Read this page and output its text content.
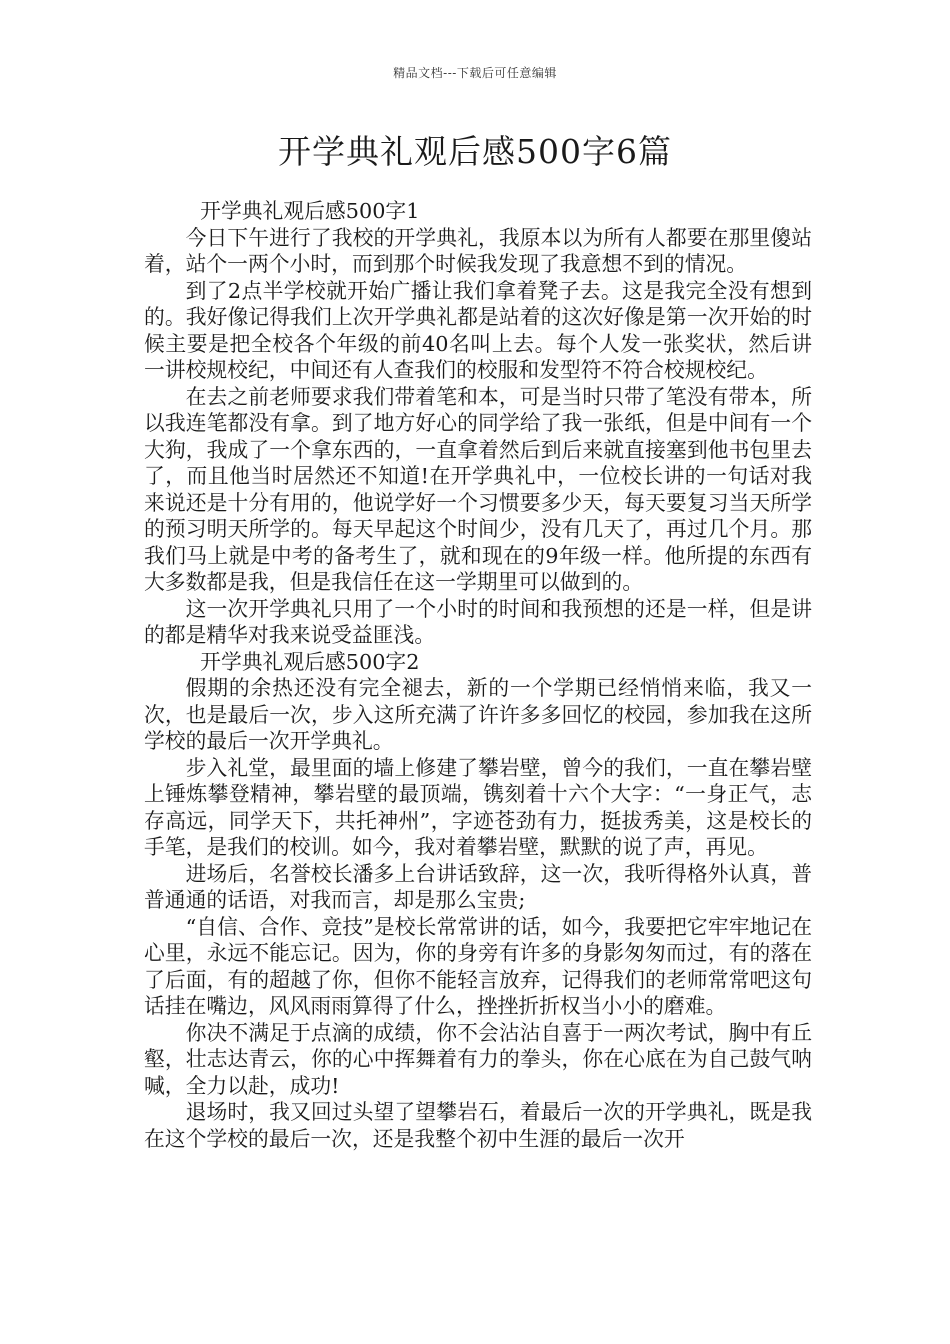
精品文档---下载后可任意编辑
开学典礼观后感500字6篇

开学典礼观后感500字1

今日下午进行了我校的开学典礼，我原本以为所有人都要在那里傻站着，站个一两个小时，而到那个时候我发现了我意想不到的情况。

到了2点半学校就开始广播让我们拿着凳子去。这是我完全没有想到的。我好像记得我们上次开学典礼都是站着的这次好像是第一次开始的时候主要是把全校各个年级的前40名叫上去。每个人发一张奖状，然后讲一讲校规校纪，中间还有人查我们的校服和发型符不符合校规校纪。

在去之前老师要求我们带着笔和本，可是当时只带了笔没有带本，所以我连笔都没有拿。到了地方好心的同学给了我一张纸，但是中间有一个大狗，我成了一个拿东西的，一直拿着然后到后来就直接塞到他书包里去了，而且他当时居然还不知道!在开学典礼中，一位校长讲的一句话对我来说还是十分有用的，他说学好一个习惯要多少天，每天要复习当天所学的预习明天所学的。每天早起这个时间少，没有几天了，再过几个月。那我们马上就是中考的备考生了，就和现在的9年级一样。他所提的东西有大多数都是我，但是我信任在这一学期里可以做到的。

这一次开学典礼只用了一个小时的时间和我预想的还是一样，但是讲的都是精华对我来说受益匪浅。

开学典礼观后感500字2

假期的余热还没有完全褪去，新的一个学期已经悄悄来临，我又一次，也是最后一次，步入这所充满了许许多多回忆的校园，参加我在这所学校的最后一次开学典礼。

步入礼堂，最里面的墙上修建了攀岩壁，曾今的我们，一直在攀岩壁上锤炼攀登精神，攀岩壁的最顶端，镌刻着十六个大字：“一身正气，志存高远，同学天下，共托神州”，字迹苍劲有力，挺拔秀美，这是校长的手笔，是我们的校训。如今，我对着攀岩壁，默默的说了声，再见。

进场后，名誉校长潘多上台讲话致辞，这一次，我听得格外认真，普普通通的话语，对我而言，却是那么宝贵;

“自信、合作、竞技”是校长常常讲的话，如今，我要把它牢牢地记在心里，永远不能忘记。因为，你的身旁有许多的身影匆匆而过，有的落在了后面，有的超越了你，但你不能轻言放弃，记得我们的老师常常吧这句话挂在嘴边，风风雨雨算得了什么，挫挫折折权当小小的磨难。

你决不满足于点滴的成绩，你不会沾沾自喜于一两次考试，胸中有丘壑，壮志达青云，你的心中挥舞着有力的拳头，你在心底在为自己鼓气呐喊，全力以赴，成功!

退场时，我又回过头望了望攀岩石，着最后一次的开学典礼，既是我在这个学校的最后一次，还是我整个初中生涯的最后一次开
